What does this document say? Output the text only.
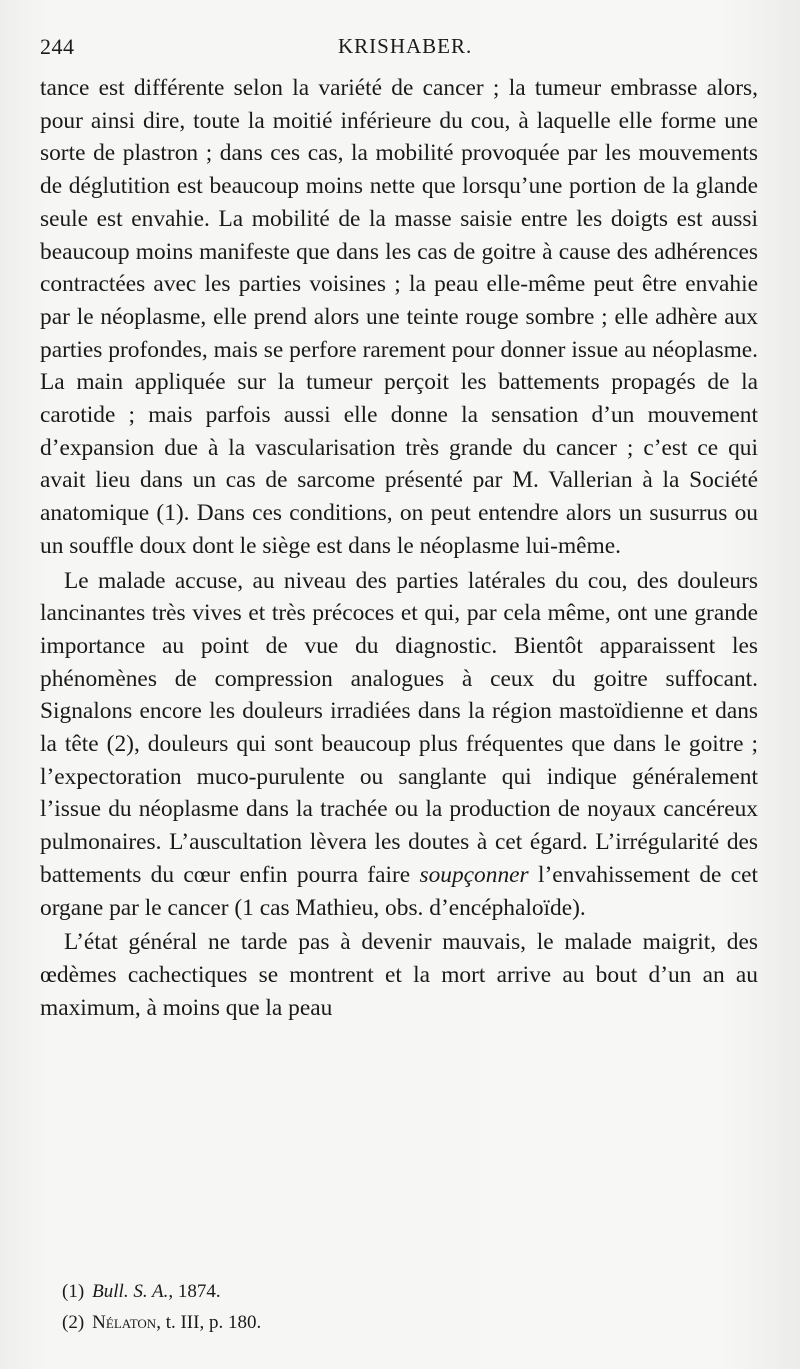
244	KRISHABER.

tance est différente selon la variété de cancer ; la tumeur embrasse alors, pour ainsi dire, toute la moitié inférieure du cou, à laquelle elle forme une sorte de plastron ; dans ces cas, la mobilité provoquée par les mouvements de déglutition est beaucoup moins nette que lorsqu’une portion de la glande seule est envahie. La mobilité de la masse saisie entre les doigts est aussi beaucoup moins manifeste que dans les cas de goitre à cause des adhérences contractées avec les parties voisines ; la peau elle-même peut être envahie par le néoplasme, elle prend alors une teinte rouge sombre ; elle adhère aux parties profondes, mais se perfore rarement pour donner issue au néoplasme. La main appliquée sur la tumeur perçoit les battements propagés de la carotide ; mais parfois aussi elle donne la sensation d’un mouvement d’expansion due à la vascularisation très grande du cancer ; c’est ce qui avait lieu dans un cas de sarcome présenté par M. Vallerian à la Société anatomique (1). Dans ces conditions, on peut entendre alors un susurrus ou un souffle doux dont le siège est dans le néoplasme lui-même.

Le malade accuse, au niveau des parties latérales du cou, des douleurs lancinantes très vives et très précoces et qui, par cela même, ont une grande importance au point de vue du diagnostic. Bientôt apparaissent les phénomènes de compression analogues à ceux du goitre suffocant. Signalons encore les douleurs irradiées dans la région mastoïdienne et dans la tête (2), douleurs qui sont beaucoup plus fréquentes que dans le goitre ; l’expectoration muco-purulente ou sanglante qui indique généralement l’issue du néoplasme dans la trachée ou la production de noyaux cancéreux pulmonaires. L’auscultation lèvera les doutes à cet égard. L’irrégularité des battements du cœur enfin pourra faire soupçonner l’envahissement de cet organe par le cancer (1 cas Mathieu, obs. d’encéphaloïde).

L’état général ne tarde pas à devenir mauvais, le malade maigrit, des œdèmes cachectiques se montrent et la mort arrive au bout d’un an au maximum, à moins que la peau

(1) Bull. S. A., 1874.

(2) Nélaton, t. III, p. 180.
